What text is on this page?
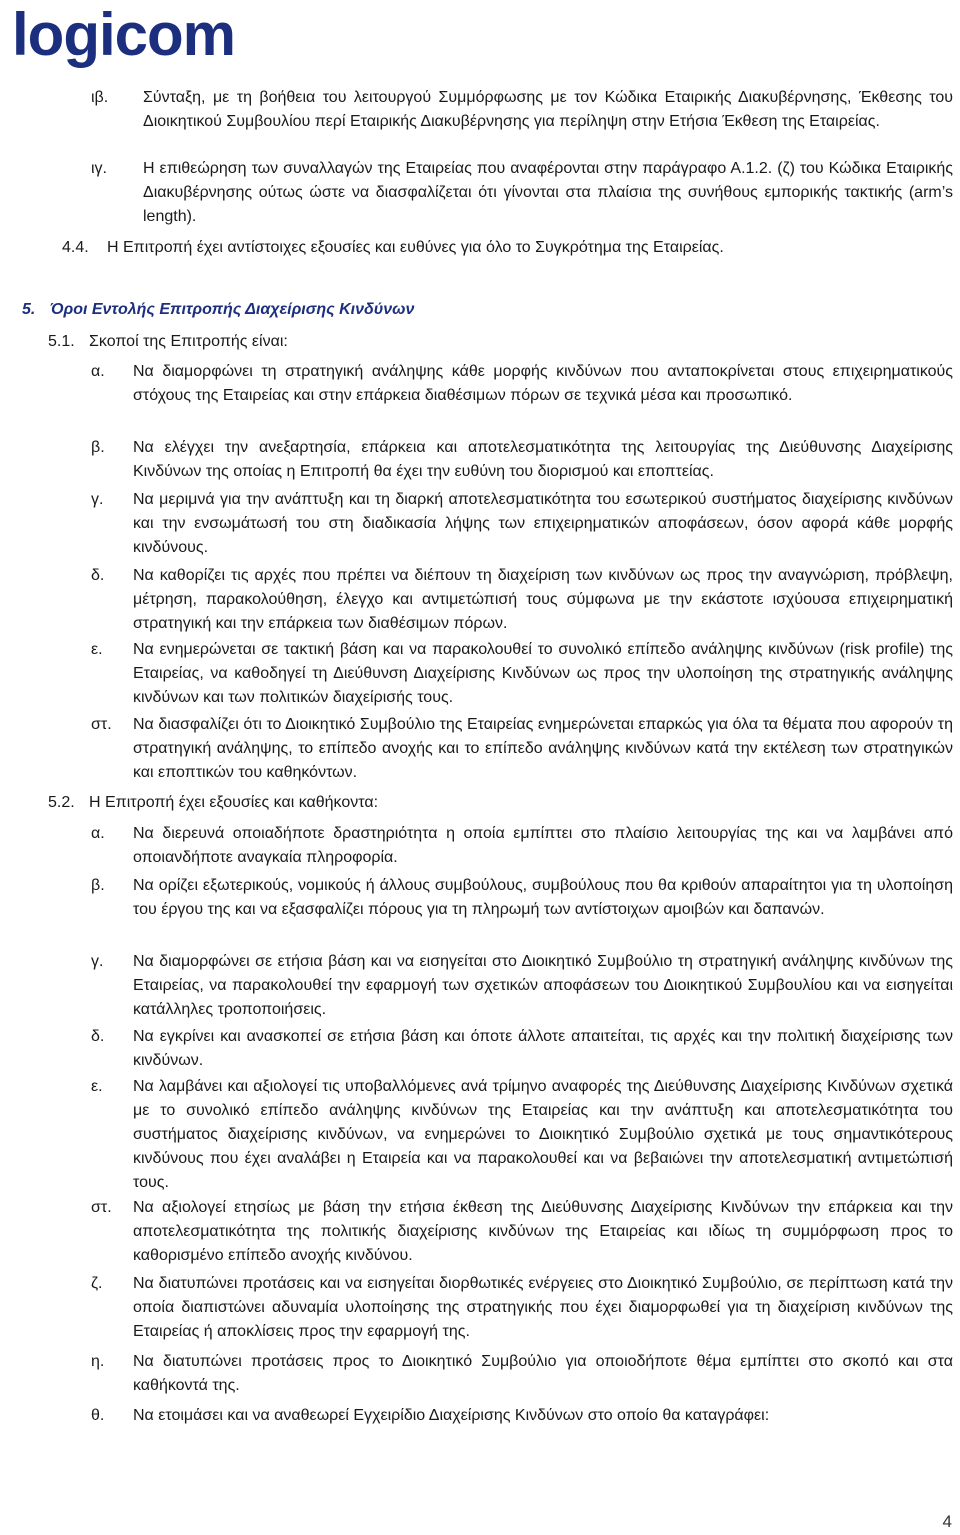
logicom
ιβ. Σύνταξη, με τη βοήθεια του λειτουργού Συμμόρφωσης με τον Κώδικα Εταιρικής Διακυβέρνησης, Έκθεσης του Διοικητικού Συμβουλίου περί Εταιρικής Διακυβέρνησης για περίληψη στην Ετήσια Έκθεση της Εταιρείας.
ιγ. Η επιθεώρηση των συναλλαγών της Εταιρείας που αναφέρονται στην παράγραφο Α.1.2. (ζ) του Κώδικα Εταιρικής Διακυβέρνησης ούτως ώστε να διασφαλίζεται ότι γίνονται στα πλαίσια της συνήθους εμπορικής τακτικής (arm’s length).
4.4. Η Επιτροπή έχει αντίστοιχες εξουσίες και ευθύνες για όλο το Συγκρότημα της Εταιρείας.
5. Όροι Εντολής Επιτροπής Διαχείρισης Κινδύνων
5.1. Σκοποί της Επιτροπής είναι:
α. Να διαμορφώνει τη στρατηγική ανάληψης κάθε μορφής κινδύνων που ανταποκρίνεται στους επιχειρηματικούς στόχους της Εταιρείας και στην επάρκεια διαθέσιμων πόρων σε τεχνικά μέσα και προσωπικό.
β. Να ελέγχει την ανεξαρτησία, επάρκεια και αποτελεσματικότητα της λειτουργίας της Διεύθυνσης Διαχείρισης Κινδύνων της οποίας η Επιτροπή θα έχει την ευθύνη του διορισμού και εποπτείας.
γ. Να μεριμνά για την ανάπτυξη και τη διαρκή αποτελεσματικότητα του εσωτερικού συστήματος διαχείρισης κινδύνων και την ενσωμάτωσή του στη διαδικασία λήψης των επιχειρηματικών αποφάσεων, όσον αφορά κάθε μορφής κινδύνους.
δ. Να καθορίζει τις αρχές που πρέπει να διέπουν τη διαχείριση των κινδύνων ως προς την αναγνώριση, πρόβλεψη, μέτρηση, παρακολούθηση, έλεγχο και αντιμετώπισή τους σύμφωνα με την εκάστοτε ισχύουσα επιχειρηματική στρατηγική και την επάρκεια των διαθέσιμων πόρων.
ε. Να ενημερώνεται σε τακτική βάση και να παρακολουθεί το συνολικό επίπεδο ανάληψης κινδύνων (risk profile) της Εταιρείας, να καθοδηγεί τη Διεύθυνση Διαχείρισης Κινδύνων ως προς την υλοποίηση της στρατηγικής ανάληψης κινδύνων και των πολιτικών διαχείρισής τους.
στ. Να διασφαλίζει ότι το Διοικητικό Συμβούλιο της Εταιρείας ενημερώνεται επαρκώς για όλα τα θέματα που αφορούν τη στρατηγική ανάληψης, το επίπεδο ανοχής και το επίπεδο ανάληψης κινδύνων κατά την εκτέλεση των στρατηγικών και εποπτικών του καθηκόντων.
5.2. Η Επιτροπή έχει εξουσίες και καθήκοντα:
α. Να διερευνά οποιαδήποτε δραστηριότητα η οποία εμπίπτει στο πλαίσιο λειτουργίας της και να λαμβάνει από οποιανδήποτε αναγκαία πληροφορία.
β. Να ορίζει εξωτερικούς, νομικούς ή άλλους συμβούλους, συμβούλους που θα κριθούν απαραίτητοι για τη υλοποίηση του έργου της και να εξασφαλίζει πόρους για τη πληρωμή των αντίστοιχων αμοιβών και δαπανών.
γ. Να διαμορφώνει σε ετήσια βάση και να εισηγείται στο Διοικητικό Συμβούλιο τη στρατηγική ανάληψης κινδύνων της Εταιρείας, να παρακολουθεί την εφαρμογή των σχετικών αποφάσεων του Διοικητικού Συμβουλίου και να εισηγείται κατάλληλες τροποποιήσεις.
δ. Να εγκρίνει και ανασκοπεί σε ετήσια βάση και όποτε άλλοτε απαιτείται, τις αρχές και την πολιτική διαχείρισης των κινδύνων.
ε. Να λαμβάνει και αξιολογεί τις υποβαλλόμενες ανά τρίμηνο αναφορές της Διεύθυνσης Διαχείρισης Κινδύνων σχετικά με το συνολικό επίπεδο ανάληψης κινδύνων της Εταιρείας και την ανάπτυξη και αποτελεσματικότητα του συστήματος διαχείρισης κινδύνων, να ενημερώνει το Διοικητικό Συμβούλιο σχετικά με τους σημαντικότερους κινδύνους που έχει αναλάβει η Εταιρεία και να παρακολουθεί και να βεβαιώνει την αποτελεσματική αντιμετώπισή τους.
στ. Να αξιολογεί ετησίως με βάση την ετήσια έκθεση της Διεύθυνσης Διαχείρισης Κινδύνων την επάρκεια και την αποτελεσματικότητα της πολιτικής διαχείρισης κινδύνων της Εταιρείας και ιδίως τη συμμόρφωση προς το καθορισμένο επίπεδο ανοχής κινδύνου.
ζ. Να διατυπώνει προτάσεις και να εισηγείται διορθωτικές ενέργειες στο Διοικητικό Συμβούλιο, σε περίπτωση κατά την οποία διαπιστώνει αδυναμία υλοποίησης της στρατηγικής που έχει διαμορφωθεί για τη διαχείριση κινδύνων της Εταιρείας ή αποκλίσεις προς την εφαρμογή της.
η. Να διατυπώνει προτάσεις προς το Διοικητικό Συμβούλιο για οποιοδήποτε θέμα εμπίπτει στο σκοπό και στα καθήκοντά της.
θ. Να ετοιμάσει και να αναθεωρεί Εγχειρίδιο Διαχείρισης Κινδύνων στο οποίο θα καταγράφει:
4
